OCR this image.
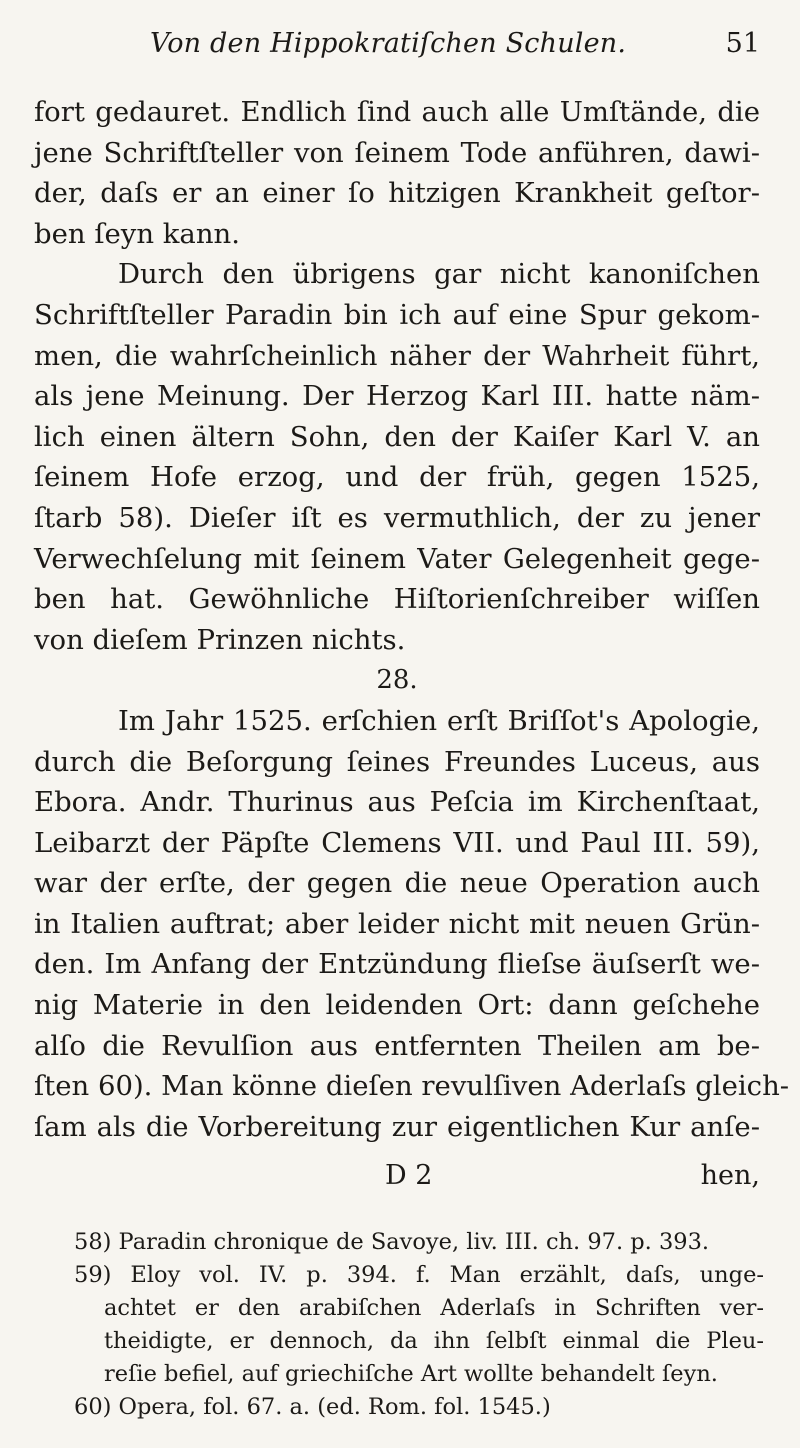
Von den Hippokratiſchen Schulen.	51
fort gedauret. Endlich ſind auch alle Umſtände, die
jene Schriftſteller von ſeinem Tode anführen, dawi-
der, daſs er an einer ſo hitzigen Krankheit geſtor-
ben ſeyn kann.
Durch den übrigens gar nicht kanoniſchen
Schriftſteller Paradin bin ich auf eine Spur gekom-
men, die wahrſcheinlich näher der Wahrheit führt,
als jene Meinung. Der Herzog Karl III. hatte näm-
lich einen ältern Sohn, den der Kaiſer Karl V. an
ſeinem Hofe erzog, und der früh, gegen 1525,
ſtarb 58). Dieſer iſt es vermuthlich, der zu jener
Verwechſelung mit ſeinem Vater Gelegenheit gege-
ben hat. Gewöhnliche Hiſtorienſchreiber wiſſen
von dieſem Prinzen nichts.
28.
Im Jahr 1525. erſchien erſt Briſſot's Apologie,
durch die Beſorgung ſeines Freundes Luceus, aus
Ebora. Andr. Thurinus aus Peſcia im Kirchenſtaat,
Leibarzt der Päpſte Clemens VII. und Paul III. 59),
war der erſte, der gegen die neue Operation auch
in Italien auftrat; aber leider nicht mit neuen Grün-
den. Im Anfang der Entzündung flieſse äuſserſt we-
nig Materie in den leidenden Ort: dann geſchehe
alſo die Revulſion aus entfernten Theilen am be-
ſten 60). Man könne dieſen revulſiven Aderlaſs gleich-
ſam als die Vorbereitung zur eigentlichen Kur anſe-
D 2	hen,
58) Paradin chronique de Savoye, liv. III. ch. 97. p. 393.
59) Eloy vol. IV. p. 394. f. Man erzählt, daſs, unge-
achtet er den arabiſchen Aderlaſs in Schriften ver-
theidigte, er dennoch, da ihn ſelbſt einmal die Pleu-
reſie befiel, auf griechiſche Art wollte behandelt ſeyn.
60) Opera, fol. 67. a. (ed. Rom. fol. 1545.)
